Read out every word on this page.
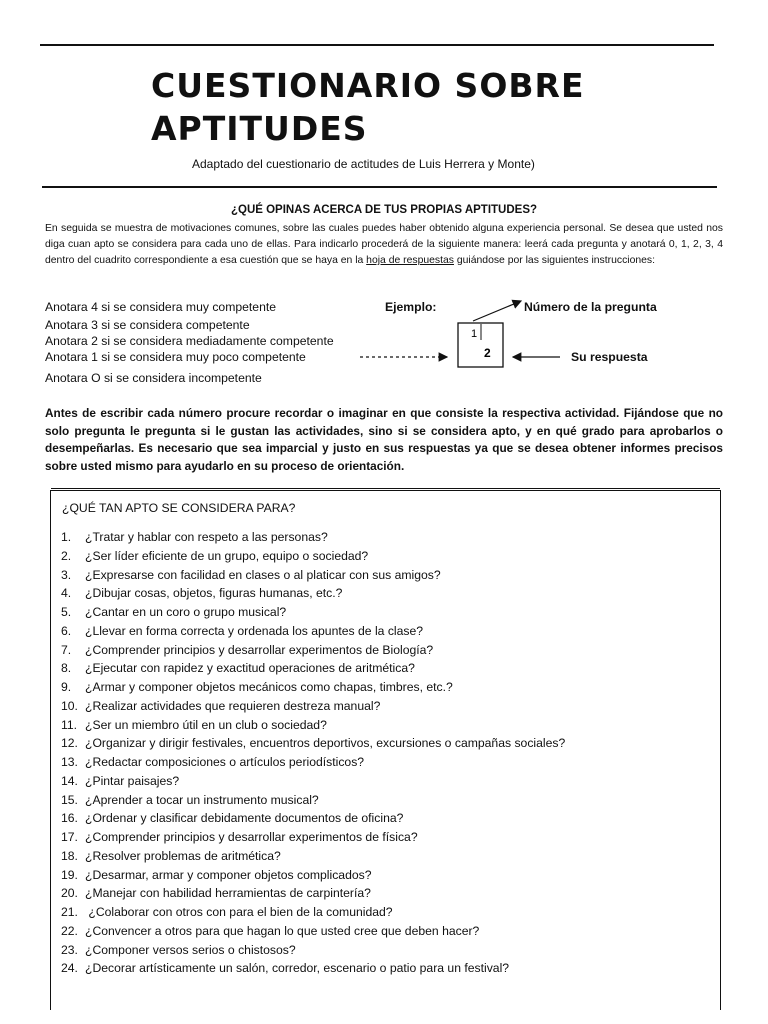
CUESTIONARIO SOBRE
APTITUDES

Adaptado del cuestionario de actitudes de Luis Herrera y Monte)

¿QUÉ OPINAS ACERCA DE TUS PROPIAS APTITUDES?

En seguida se muestra de motivaciones comunes, sobre las cuales puedes haber obtenido alguna experiencia personal. Se desea que usted nos diga cuan apto se considera para cada uno de ellas. Para indicarlo procederá de la siguiente manera: leerá cada pregunta y anotará 0, 1, 2, 3, 4 dentro del cuadrito correspondiente a esa cuestión que se haya en la hoja de respuestas guiándose por las siguientes instrucciones:

Anotara 4 si se considera muy competente

Anotara 3 si se considera competente

Anotara 2 si se considera mediadamente competente

Anotara 1 si se considera muy poco competente

Anotara O si se considera incompetente

Ejemplo:	Número de la pregunta

Su respuesta

1
2

Antes de escribir cada número procure recordar o imaginar en que consiste la respectiva actividad. Fijándose que no solo pregunta le pregunta si le gustan las actividades, sino si se considera apto, y en qué grado para aprobarlos o desempeñarlas. Es necesario que sea imparcial y justo en sus respuestas ya que se desea obtener informes precisos sobre usted mismo para ayudarlo en su proceso de orientación.

¿QUÉ TAN APTO SE CONSIDERA PARA?

1. ¿Tratar y hablar con respeto a las personas?
2. ¿Ser líder eficiente de un grupo, equipo o sociedad?
3. ¿Expresarse con facilidad en clases o al platicar con sus amigos?
4. ¿Dibujar cosas, objetos, figuras humanas, etc.?
5. ¿Cantar en un coro o grupo musical?
6. ¿Llevar en forma correcta y ordenada los apuntes de la clase?
7. ¿Comprender principios y desarrollar experimentos de Biología?
8. ¿Ejecutar con rapidez y exactitud operaciones de aritmética?
9. ¿Armar y componer objetos mecánicos como chapas, timbres, etc.?
10. ¿Realizar actividades que requieren destreza manual?
11. ¿Ser un miembro útil en un club o sociedad?
12. ¿Organizar y dirigir festivales, encuentros deportivos, excursiones o campañas sociales?
13. ¿Redactar composiciones o artículos periodísticos?
14. ¿Pintar paisajes?
15. ¿Aprender a tocar un instrumento musical?
16. ¿Ordenar y clasificar debidamente documentos de oficina?
17. ¿Comprender principios y desarrollar experimentos de física?
18. ¿Resolver problemas de aritmética?
19. ¿Desarmar, armar y componer objetos complicados?
20. ¿Manejar con habilidad herramientas de carpintería?
21. ¿Colaborar con otros con para el bien de la comunidad?
22. ¿Convencer a otros para que hagan lo que usted cree que deben hacer?
23. ¿Componer versos serios o chistosos?
24. ¿Decorar artísticamente un salón, corredor, escenario o patio para un festival?
